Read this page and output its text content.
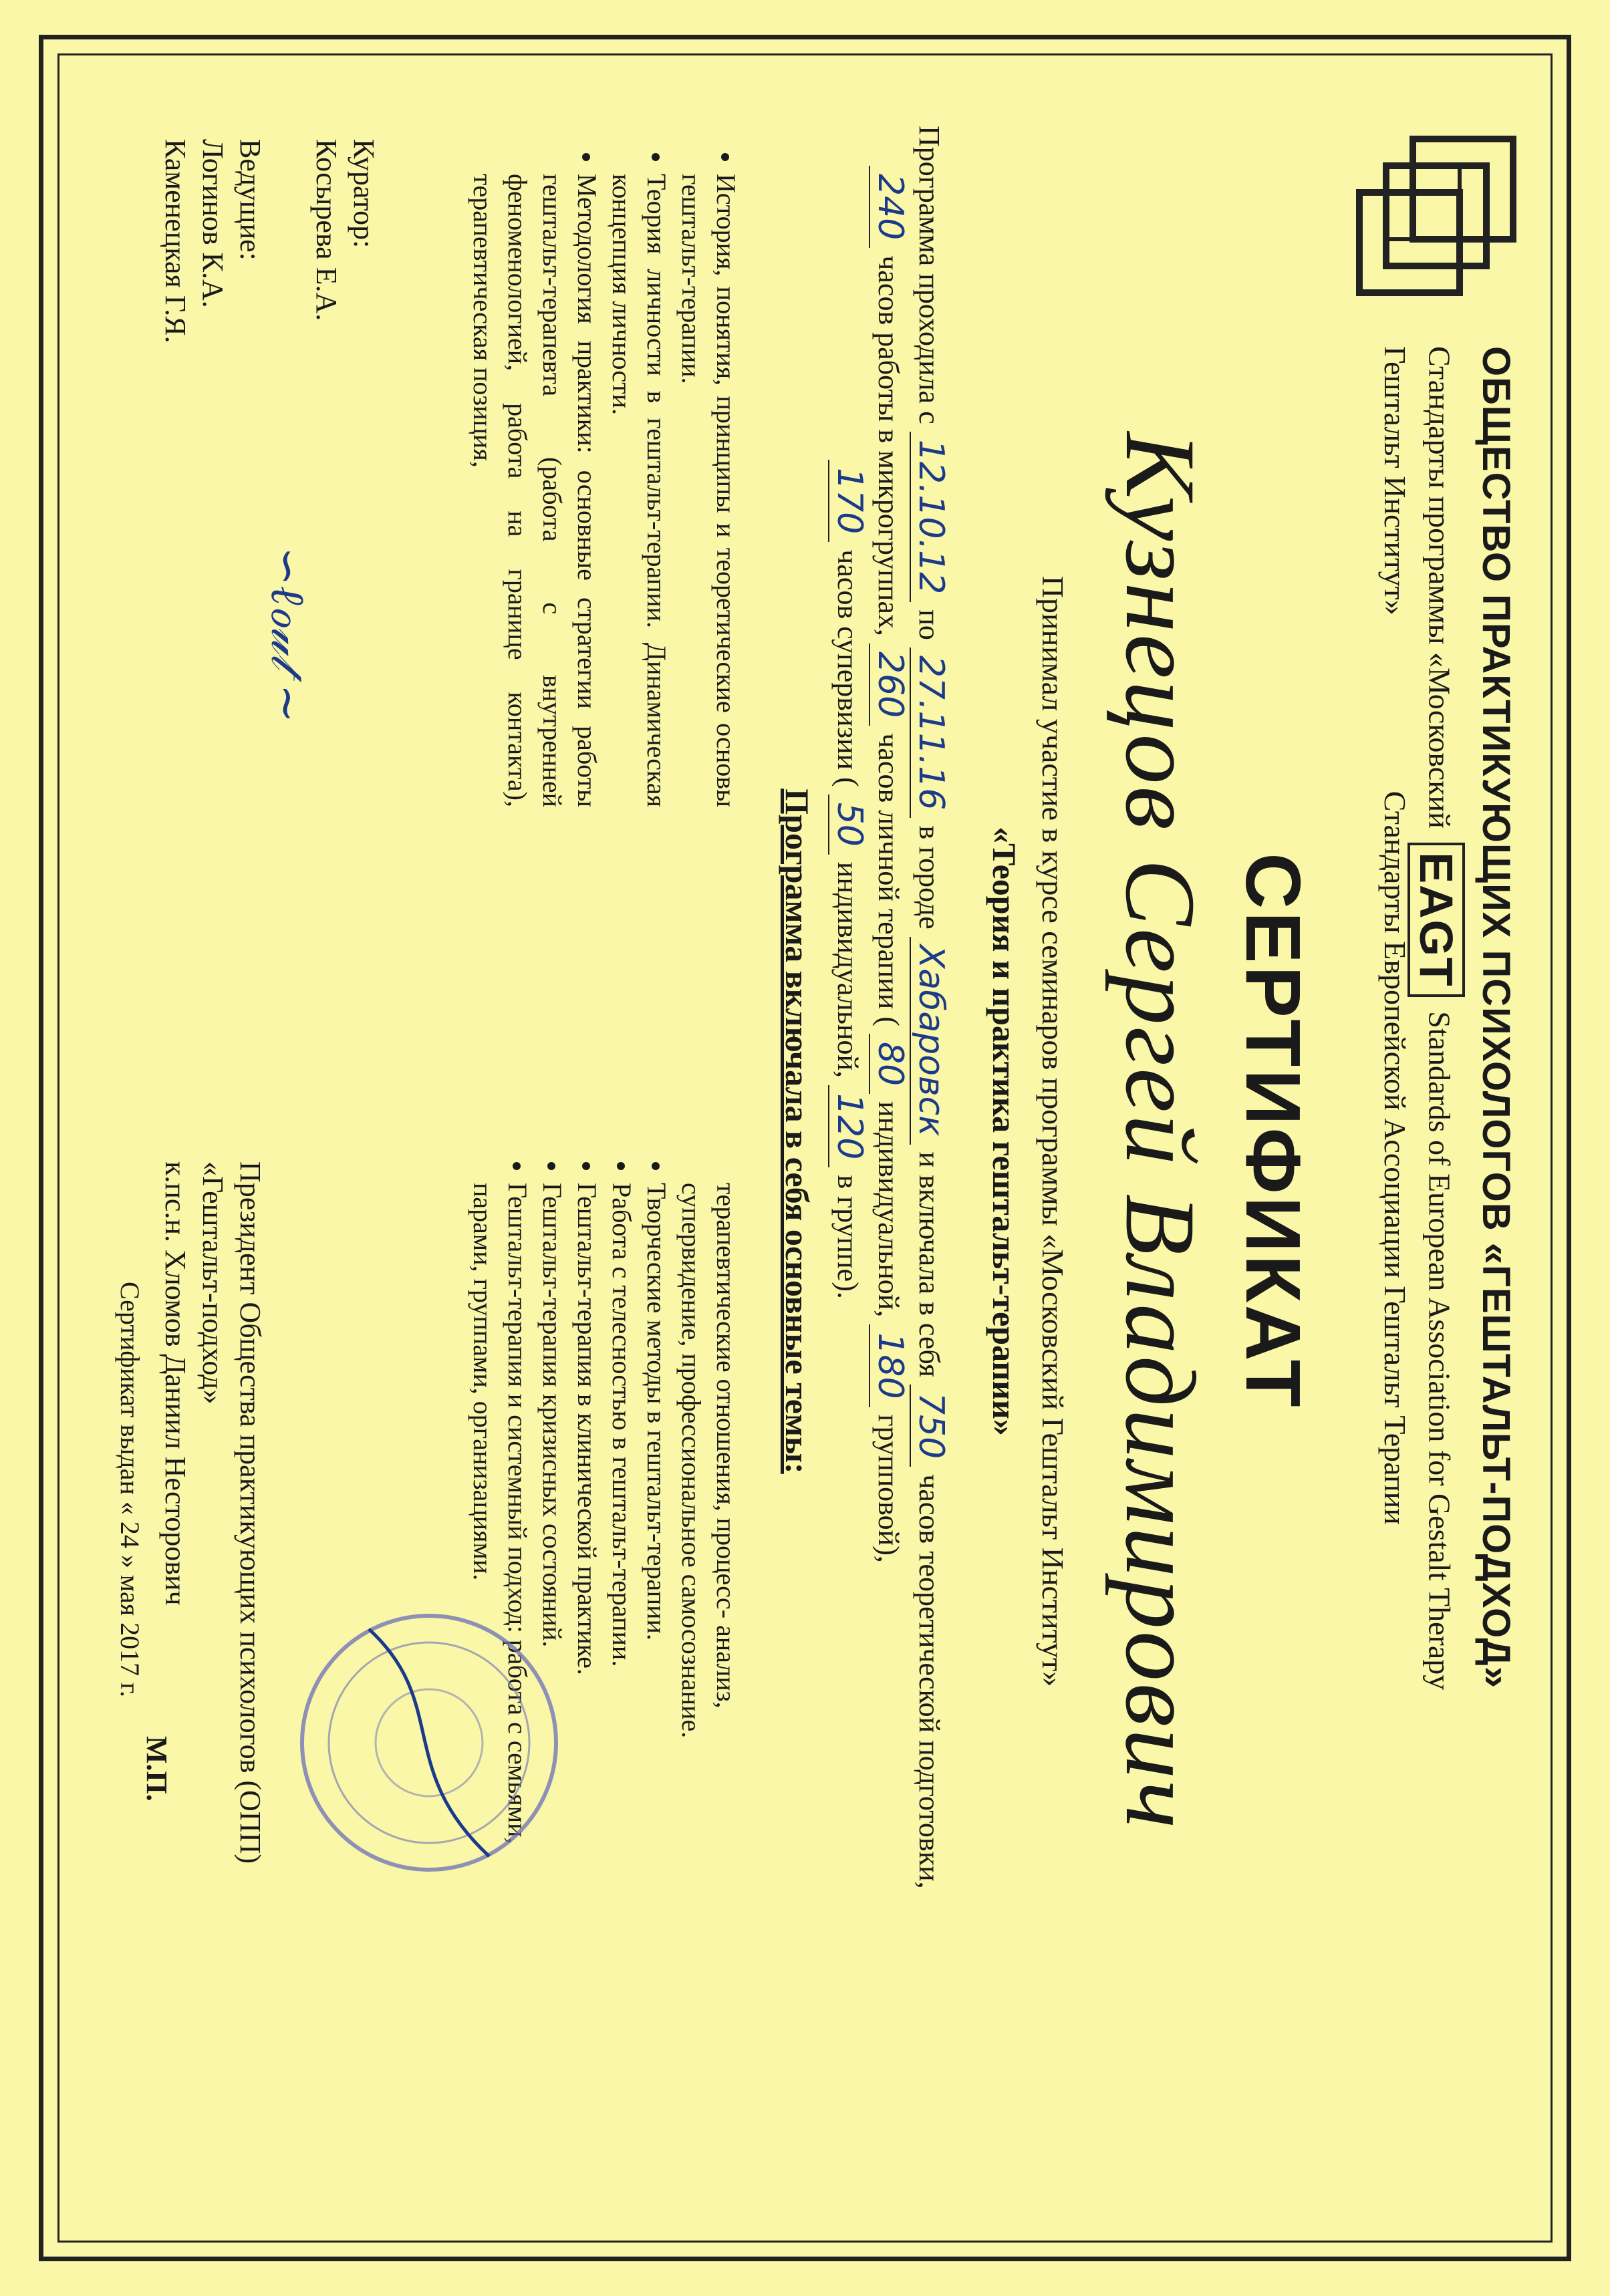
ОБЩЕСТВО ПРАКТИКУЮЩИХ ПСИХОЛОГОВ «ГЕШТАЛЬТ-ПОДХОД»
Стандарты программы «Московский EAGT Standards of European Association for Gestalt Therapy
Гештальт Институт»  Стандарты Европейской Ассоциации Гештальт Терапии
СЕРТИФИКАТ
Кузнецов Сергей Владимирович
Принимал участие в курсе семинаров программы «Московский Гештальт Институт»
«Теория и практика гештальт-терапии»
Программа проходила с 12.10.12 по 27.11.16 в городе Хабаровск и включала в себя 750 часов теоретической подготовки,
240 часов работы в микрогруппах, 260 часов личной терапии ( 80 индивидуальной, 180 групповой),
170 часов супервизии ( 50 индивидуальной, 120 в группе).
Программа включала в себя основные темы:
• История, понятия, принципы и теоретические основы гештальт-терапии.
• Теория личности в гештальт-терапии. Динамическая концепция личности.
• Методология практики: основные стратегии работы гештальт-терапевта (работа с внутренней феноменологией, работа на границе контакта), терапевтическая позиция,

терапевтические отношения, процесс- анализ, супервидение, профессиональное самосознание.

• Творческие методы в гештальт-терапии.
• Работа с телесностью в гештальт-терапии.
• Гештальт-терапия в клинической практике.
• Гештальт-терапия кризисных состояний.
• Гештальт-терапия и системный подход: работа с семьями, парами, группами, организациями.
Куратор:
Косырева Е.А.
Ведущие:
Логинов К.А.
Каменецкая Г.Я.
∽ℓℴ𝓊𝓉 ~
Президент Общества практикующих психологов (ОПП)
«Гештальт-подход»
к.пс.н. Хломов Даниил Несторович
М.П.
Сертификат выдан « 24 » мая 2017 г.
